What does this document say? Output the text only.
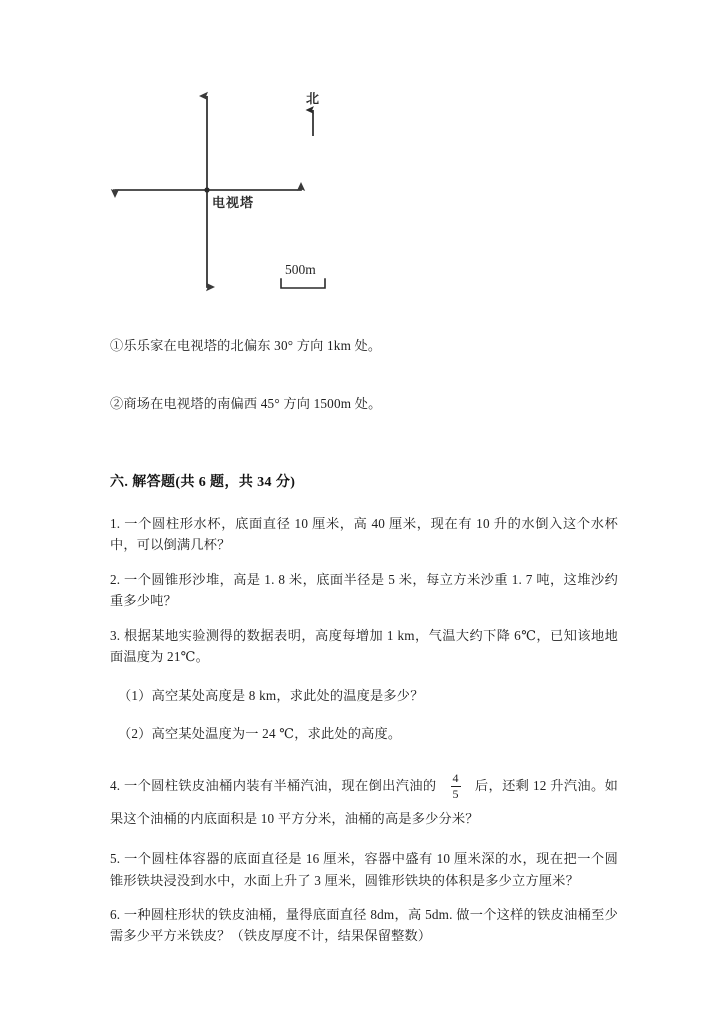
北
电视塔
500m

①乐乐家在电视塔的北偏东 30° 方向 1km 处。

②商场在电视塔的南偏西 45° 方向 1500m 处。

六. 解答题(共 6 题，共 34 分)

1. 一个圆柱形水杯，底面直径 10 厘米，高 40 厘米，现在有 10 升的水倒入这个水杯中，可以倒满几杯？

2. 一个圆锥形沙堆，高是 1. 8 米，底面半径是 5 米，每立方米沙重 1. 7 吨，这堆沙约重多少吨？

3. 根据某地实验测得的数据表明，高度每增加 1 km，气温大约下降 6℃，已知该地地面温度为 21℃。

（1）高空某处高度是 8 km，求此处的温度是多少？

（2）高空某处温度为一 24 ℃，求此处的高度。

4. 一个圆柱铁皮油桶内装有半桶汽油，现在倒出汽油的 $\frac{4}{5}$ 后，还剩 12 升汽油。如果这个油桶的内底面积是 10 平方分米，油桶的高是多少分米？

5. 一个圆柱体容器的底面直径是 16 厘米，容器中盛有 10 厘米深的水，现在把一个圆锥形铁块浸没到水中，水面上升了 3 厘米，圆锥形铁块的体积是多少立方厘米？

6. 一种圆柱形状的铁皮油桶，量得底面直径 8dm，高 5dm. 做一个这样的铁皮油桶至少需多少平方米铁皮？（铁皮厚度不计，结果保留整数）
